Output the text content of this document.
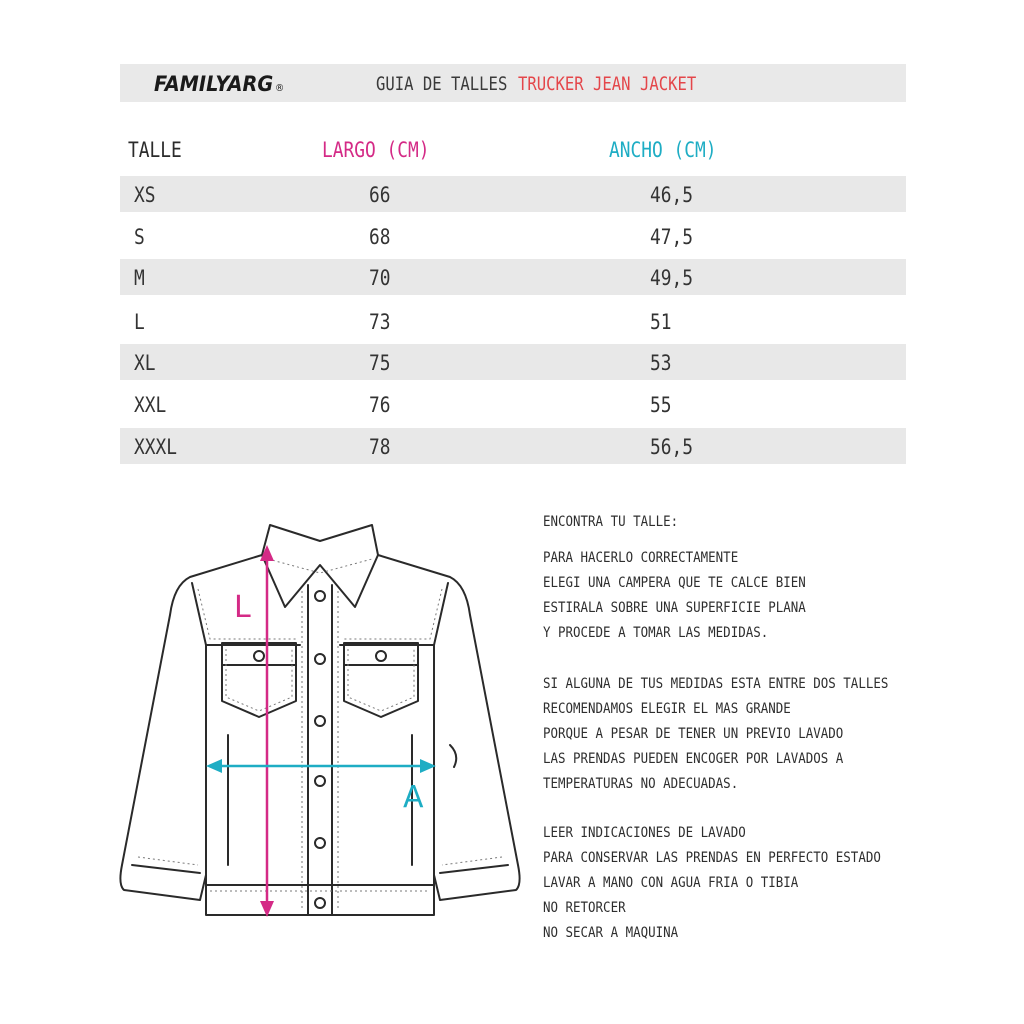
FAMILYARG ®	GUIA DE TALLES TRUCKER JEAN JACKET
TALLE	LARGO (CM)	ANCHO (CM)
XS	66	46,5
S	68	47,5
M	70	49,5
L	73	51
XL	75	53
XXL	76	55
XXXL	78	56,5
L
A
ENCONTRA TU TALLE:
PARA HACERLO CORRECTAMENTE
ELEGI UNA CAMPERA QUE TE CALCE BIEN
ESTIRALA SOBRE UNA SUPERFICIE PLANA
Y PROCEDE A TOMAR LAS MEDIDAS.
SI ALGUNA DE TUS MEDIDAS ESTA ENTRE DOS TALLES
RECOMENDAMOS ELEGIR EL MAS GRANDE
PORQUE A PESAR DE TENER UN PREVIO LAVADO
LAS PRENDAS PUEDEN ENCOGER POR LAVADOS A
TEMPERATURAS NO ADECUADAS.
LEER INDICACIONES DE LAVADO
PARA CONSERVAR LAS PRENDAS EN PERFECTO ESTADO
LAVAR A MANO CON AGUA FRIA O TIBIA
NO RETORCER
NO SECAR A MAQUINA
